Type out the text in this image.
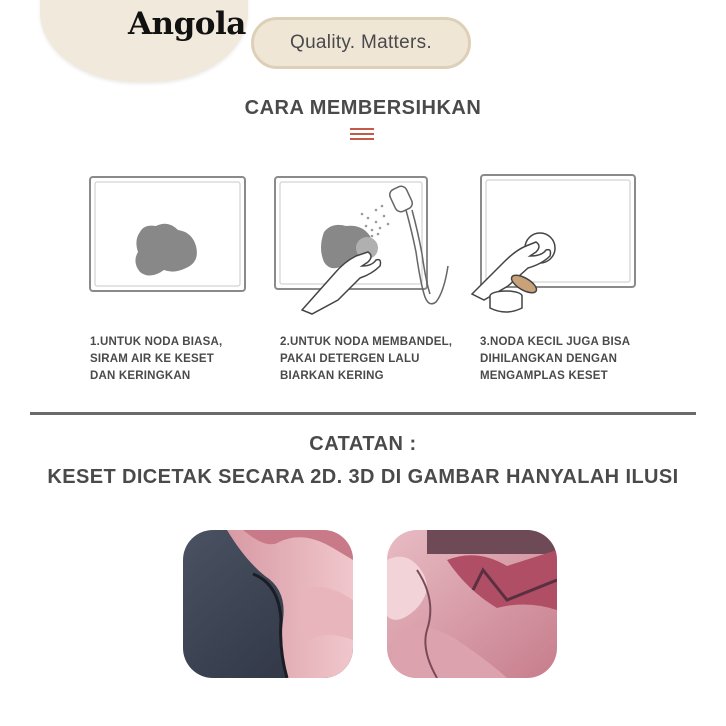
Angola
Quality. Matters.
CARA MEMBERSIHKAN
1.UNTUK NODA BIASA,
SIRAM AIR KE KESET
DAN KERINGKAN
2.UNTUK NODA MEMBANDEL,
PAKAI DETERGEN LALU
BIARKAN KERING
3.NODA KECIL JUGA BISA
DIHILANGKAN DENGAN
MENGAMPLAS KESET
CATATAN :
KESET DICETAK SECARA 2D. 3D DI GAMBAR HANYALAH ILUSI
